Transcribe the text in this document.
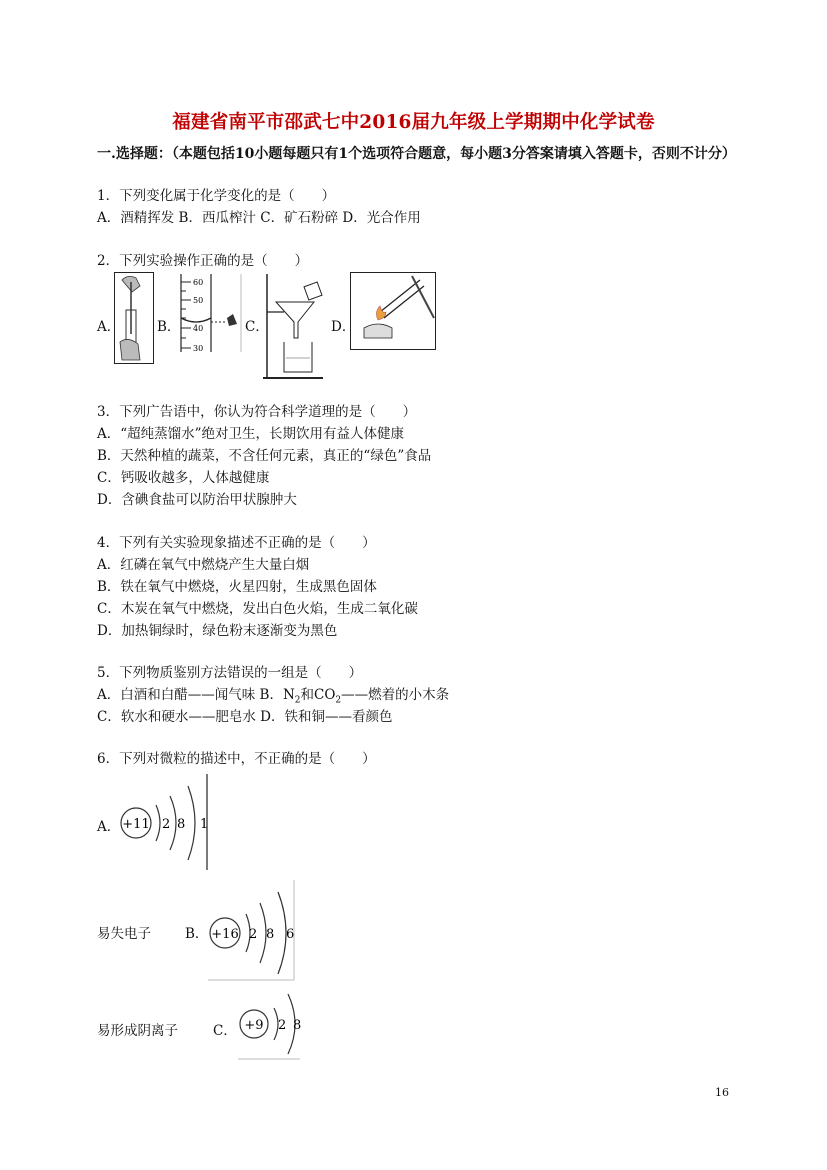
福建省南平市邵武七中2016届九年级上学期期中化学试卷
一.选择题：（本题包括10小题每题只有1个选项符合题意，每小题3分答案请填入答题卡，否则不计分）
1．下列变化属于化学变化的是（　　）
A．酒精挥发 B．西瓜榨汁 C．矿石粉碎 D．光合作用
2．下列实验操作正确的是（　　）
A．	B．	C．	D．
60
50
40
30
3．下列广告语中，你认为符合科学道理的是（　　）
A．“超纯蒸馏水”绝对卫生，长期饮用有益人体健康
B．天然种植的蔬菜，不含任何元素，真正的“绿色”食品
C．钙吸收越多，人体越健康
D．含碘食盐可以防治甲状腺肿大
4．下列有关实验现象描述不正确的是（　　）
A．红磷在氧气中燃烧产生大量白烟
B．铁在氧气中燃烧，火星四射，生成黑色固体
C．木炭在氧气中燃烧，发出白色火焰，生成二氧化碳
D．加热铜绿时，绿色粉末逐渐变为黑色
5．下列物质鉴别方法错误的一组是（　　）
A．白酒和白醋——闻气味 B．$N_2$和$CO_2——$燃着的小木条
C．软水和硬水——肥皂水 D．铁和铜——看颜色
6．下列对微粒的描述中，不正确的是（　　）
A． +11 2 8 1
易失电子	B． +16 2 8 6
易形成阴离子	C． +9 2 8
16
